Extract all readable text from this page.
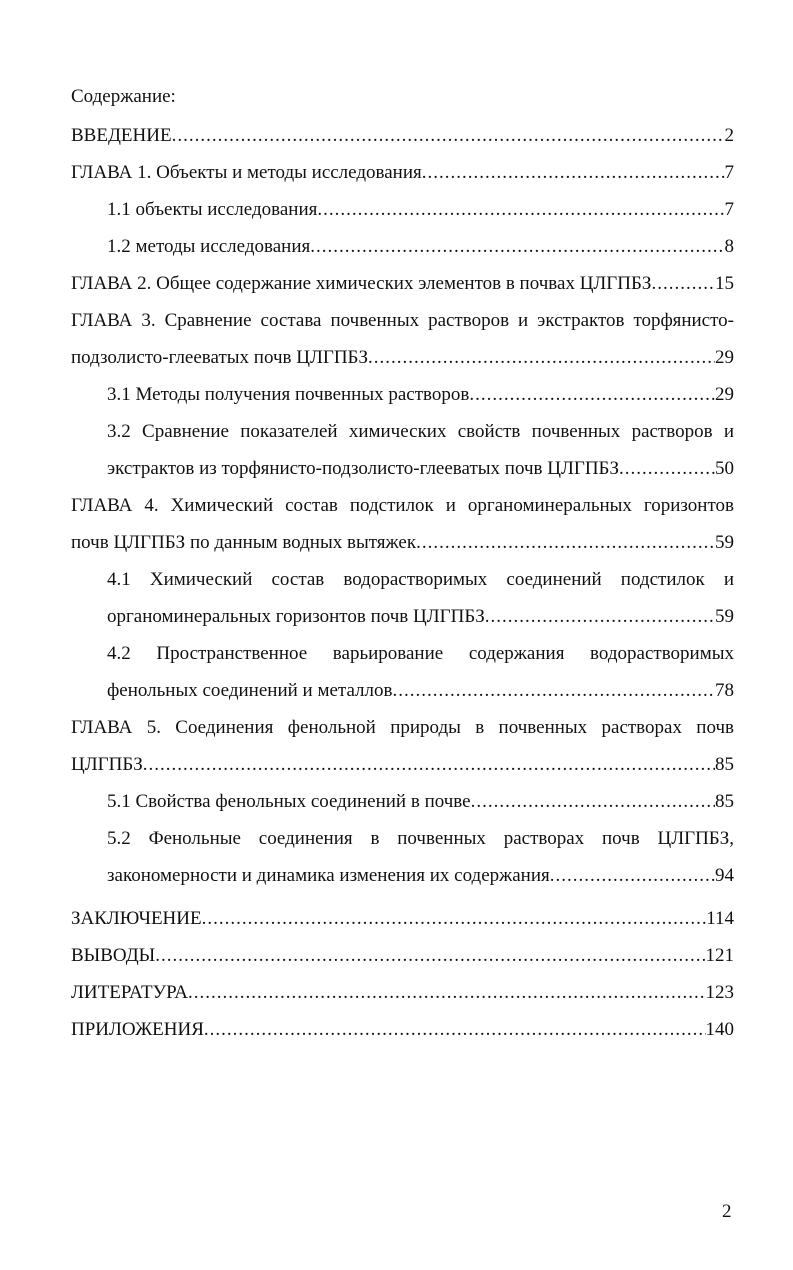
Содержание:
ВВЕДЕНИЕ .....	2
ГЛАВА 1. Объекты и методы исследования .....	7
1.1 объекты исследования .....	7
1.2 методы исследования .....	8
ГЛАВА 2. Общее содержание химических элементов в почвах ЦЛГПБЗ .....	15
ГЛАВА 3. Сравнение состава почвенных растворов и экстрактов торфянисто-
подзолисто-глееватых почв ЦЛГПБЗ .....	29
3.1 Методы получения почвенных растворов .....	29
3.2 Сравнение показателей химических свойств почвенных растворов и
экстрактов из торфянисто-подзолисто-глееватых почв ЦЛГПБЗ .....	50
ГЛАВА 4. Химический состав подстилок и органоминеральных горизонтов
почв ЦЛГПБЗ по данным водных вытяжек .....	59
4.1 Химический состав водорастворимых соединений подстилок и
органоминеральных горизонтов почв ЦЛГПБЗ .....	59
4.2 Пространственное варьирование содержания водорастворимых
фенольных соединений и металлов .....	78
ГЛАВА 5. Соединения фенольной природы в почвенных растворах почв
ЦЛГПБЗ .....	85
5.1 Свойства фенольных соединений в почве .....	85
5.2 Фенольные соединения в почвенных растворах почв ЦЛГПБЗ,
закономерности и динамика изменения их содержания .....	94
ЗАКЛЮЧЕНИЕ .....	114
ВЫВОДЫ .....	121
ЛИТЕРАТУРА .....	123
ПРИЛОЖЕНИЯ .....	140
2
